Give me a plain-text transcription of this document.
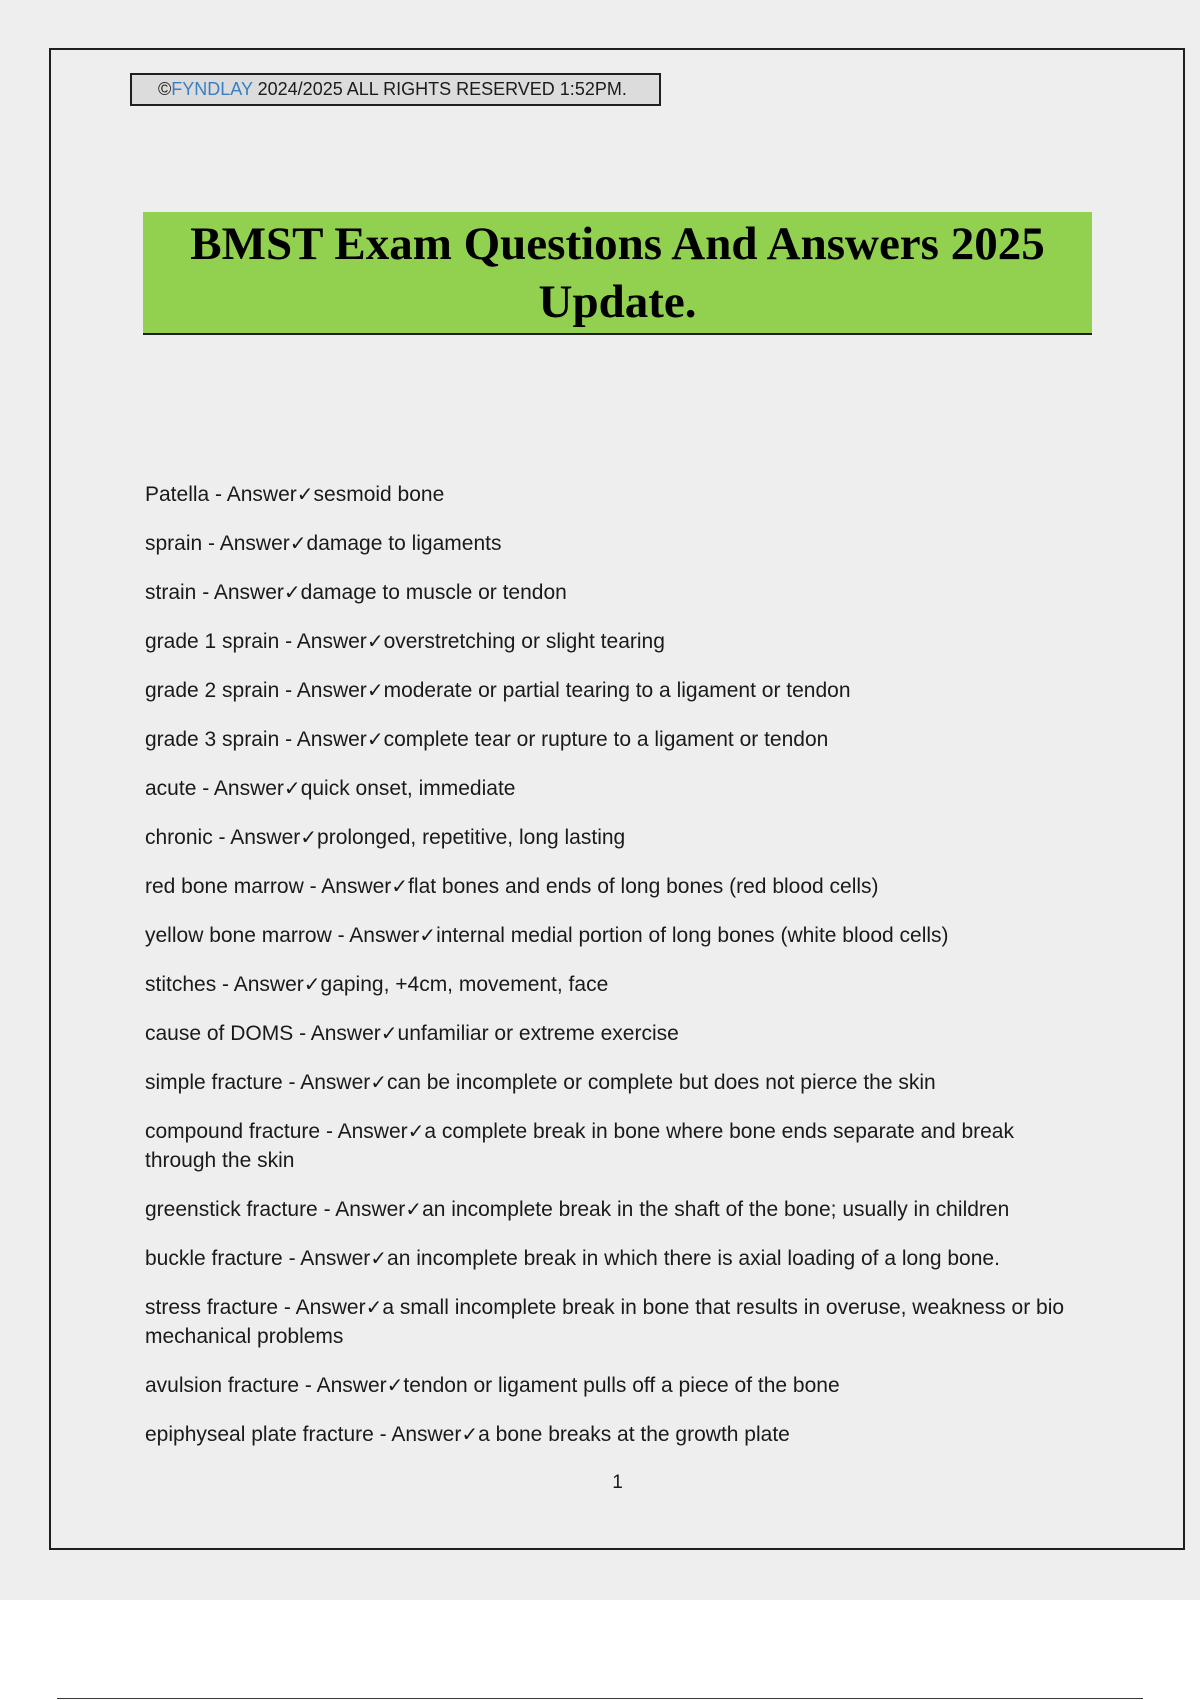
©FYNDLAY 2024/2025 ALL RIGHTS RESERVED 1:52PM.
BMST Exam Questions And Answers 2025
Update.
Patella - Answer✓sesmoid bone
sprain - Answer✓damage to ligaments
strain - Answer✓damage to muscle or tendon
grade 1 sprain - Answer✓overstretching or slight tearing
grade 2 sprain - Answer✓moderate or partial tearing to a ligament or tendon
grade 3 sprain - Answer✓complete tear or rupture to a ligament or tendon
acute - Answer✓quick onset, immediate
chronic - Answer✓prolonged, repetitive, long lasting
red bone marrow - Answer✓flat bones and ends of long bones (red blood cells)
yellow bone marrow - Answer✓internal medial portion of long bones (white blood cells)
stitches - Answer✓gaping, +4cm, movement, face
cause of DOMS - Answer✓unfamiliar or extreme exercise
simple fracture - Answer✓can be incomplete or complete but does not pierce the skin
compound fracture - Answer✓a complete break in bone where bone ends separate and break through the skin
greenstick fracture - Answer✓an incomplete break in the shaft of the bone; usually in children
buckle fracture - Answer✓an incomplete break in which there is axial loading of a long bone.
stress fracture - Answer✓a small incomplete break in bone that results in overuse, weakness or bio mechanical problems
avulsion fracture - Answer✓tendon or ligament pulls off a piece of the bone
epiphyseal plate fracture - Answer✓a bone breaks at the growth plate
1
